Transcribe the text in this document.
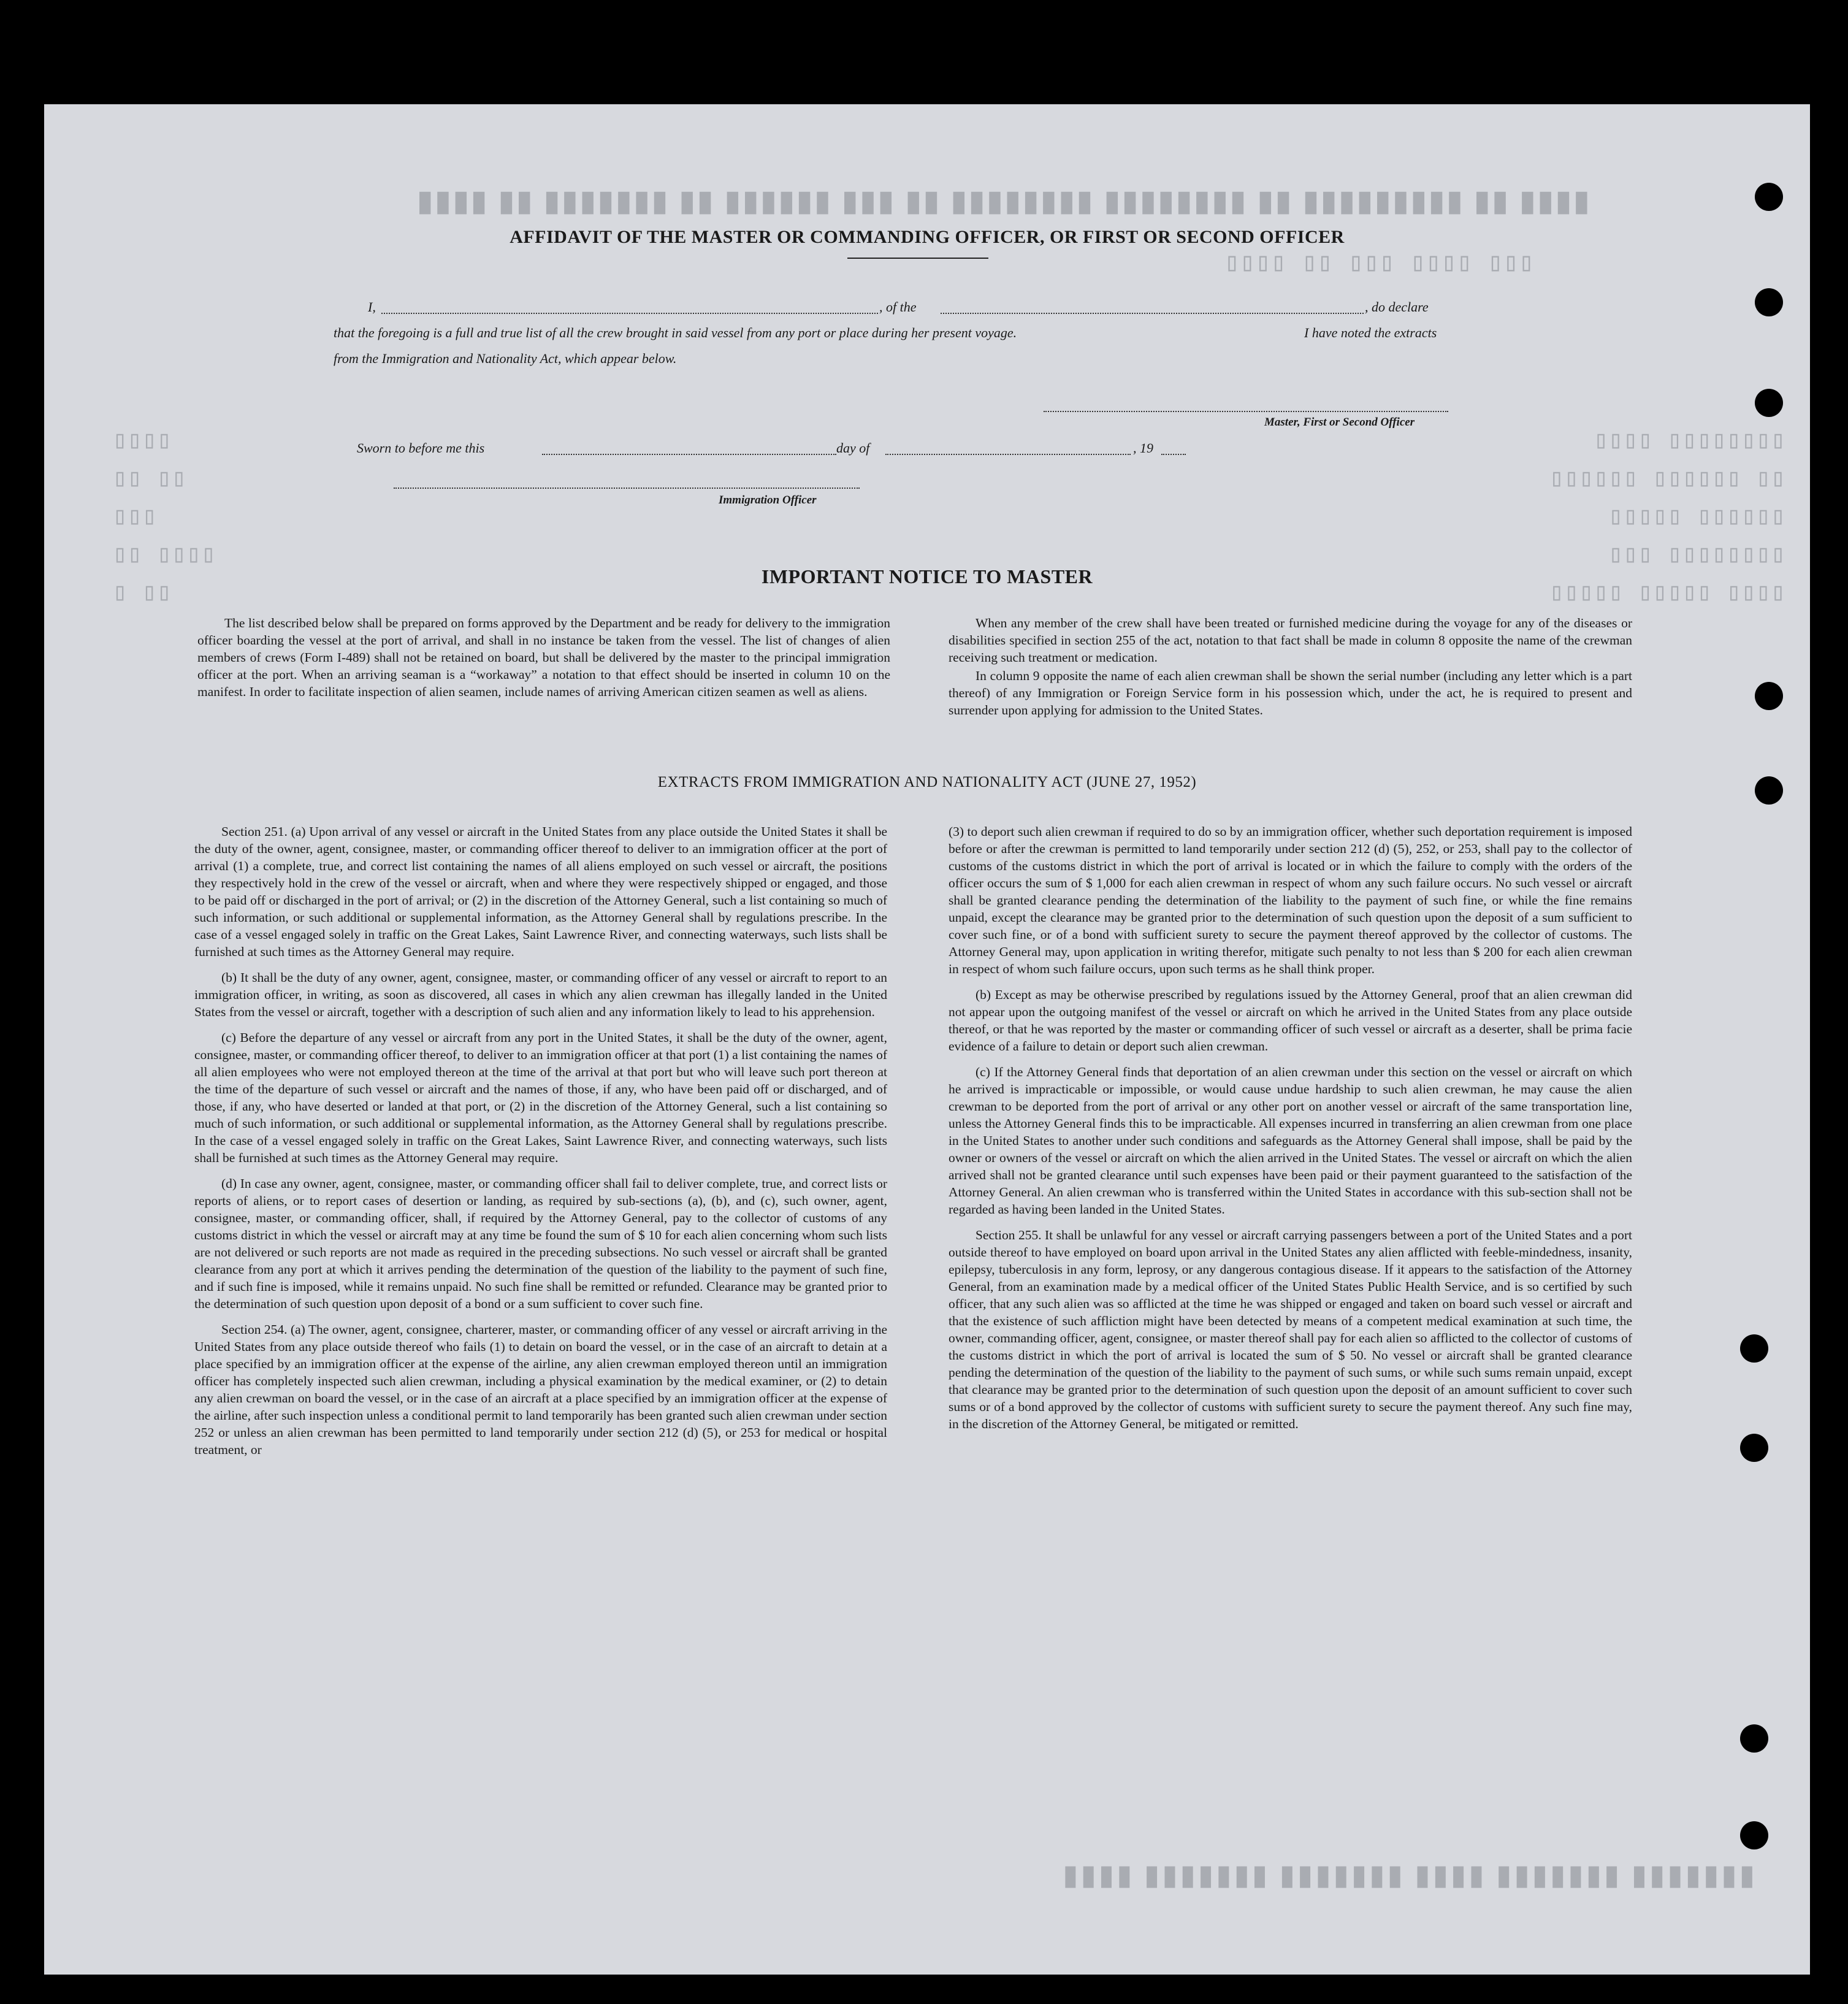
▮▮▮▮ ▮▮ ▮▮▮▮▮▮▮▮▮ ▮▮ ▮▮▮▮▮▮▮▮ ▮▮▮▮▮▮▮▮ ▮▮ ▮▮▮ ▮▮▮▮▮▮ ▮▮ ▮▮▮▮▮▮▮ ▮▮ ▮▮▮▮
▯▯▯ ▯▯▯▯ ▯▯▯ ▯▯ ▯▯▯▯
▯▯▯▯▯▯▯▯ ▯▯▯▯
▯▯ ▯▯▯▯▯▯ ▯▯▯▯▯▯
▯▯▯▯▯▯ ▯▯▯▯▯
▯▯▯▯▯▯▯▯ ▯▯▯
▯▯▯▯ ▯▯▯▯▯ ▯▯▯▯▯
▯▯▯▯
▯▯ ▯▯
▯▯▯
▯▯▯▯ ▯▯
▯▯ ▯
▮▮▮▮▮▮▮ ▮▮▮▮▮▮▮ ▮▮▮▮ ▮▮▮▮▮▮▮ ▮▮▮▮▮▮▮ ▮▮▮▮
AFFIDAVIT OF THE MASTER OR COMMANDING OFFICER, OR FIRST OR SECOND OFFICER
I,	, of the	, do declare
that the foregoing is a full and true list of all the crew brought in said vessel from any port or place during her present voyage.	I have noted the extracts
from the Immigration and Nationality Act, which appear below.
Master, First or Second Officer
Sworn to before me this	day of	, 19
Immigration Officer
IMPORTANT NOTICE TO MASTER

The list described below shall be prepared on forms approved by the Department and be ready for delivery to the immigration officer boarding the vessel at the port of arrival, and shall in no instance be taken from the vessel. The list of changes of alien members of crews (Form I-489) shall not be retained on board, but shall be delivered by the master to the principal immigration officer at the port. When an arriving seaman is a “workaway” a notation to that effect should be inserted in column 10 on the manifest. In order to facilitate inspection of alien seamen, include names of arriving American citizen seamen as well as aliens.

When any member of the crew shall have been treated or furnished medicine during the voyage for any of the diseases or disabilities specified in section 255 of the act, notation to that fact shall be made in column 8 opposite the name of the crewman receiving such treatment or medication.

In column 9 opposite the name of each alien crewman shall be shown the serial number (including any letter which is a part thereof) of any Immigration or Foreign Service form in his possession which, under the act, he is required to present and surrender upon applying for admission to the United States.

EXTRACTS FROM IMMIGRATION AND NATIONALITY ACT (JUNE 27, 1952)

Section 251. (a) Upon arrival of any vessel or aircraft in the United States from any place outside the United States it shall be the duty of the owner, agent, consignee, master, or commanding officer thereof to deliver to an immigration officer at the port of arrival (1) a complete, true, and correct list containing the names of all aliens employed on such vessel or aircraft, the positions they respectively hold in the crew of the vessel or aircraft, when and where they were respectively shipped or engaged, and those to be paid off or discharged in the port of arrival; or (2) in the discretion of the Attorney General, such a list containing so much of such information, or such additional or supplemental information, as the Attorney General shall by regulations prescribe. In the case of a vessel engaged solely in traffic on the Great Lakes, Saint Lawrence River, and connecting waterways, such lists shall be furnished at such times as the Attorney General may require.

(b) It shall be the duty of any owner, agent, consignee, master, or commanding officer of any vessel or aircraft to report to an immigration officer, in writing, as soon as discovered, all cases in which any alien crewman has illegally landed in the United States from the vessel or aircraft, together with a description of such alien and any information likely to lead to his apprehension.

(c) Before the departure of any vessel or aircraft from any port in the United States, it shall be the duty of the owner, agent, consignee, master, or commanding officer thereof, to deliver to an immigration officer at that port (1) a list containing the names of all alien employees who were not employed thereon at the time of the arrival at that port but who will leave such port thereon at the time of the departure of such vessel or aircraft and the names of those, if any, who have been paid off or discharged, and of those, if any, who have deserted or landed at that port, or (2) in the discretion of the Attorney General, such a list containing so much of such information, or such additional or supplemental information, as the Attorney General shall by regulations prescribe. In the case of a vessel engaged solely in traffic on the Great Lakes, Saint Lawrence River, and connecting waterways, such lists shall be furnished at such times as the Attorney General may require.

(d) In case any owner, agent, consignee, master, or commanding officer shall fail to deliver complete, true, and correct lists or reports of aliens, or to report cases of desertion or landing, as required by sub-sections (a), (b), and (c), such owner, agent, consignee, master, or commanding officer, shall, if required by the Attorney General, pay to the collector of customs of any customs district in which the vessel or aircraft may at any time be found the sum of $ 10 for each alien concerning whom such lists are not delivered or such reports are not made as required in the preceding subsections. No such vessel or aircraft shall be granted clearance from any port at which it arrives pending the determination of the question of the liability to the payment of such fine, and if such fine is imposed, while it remains unpaid. No such fine shall be remitted or refunded. Clearance may be granted prior to the determination of such question upon deposit of a bond or a sum sufficient to cover such fine.

Section 254. (a) The owner, agent, consignee, charterer, master, or commanding officer of any vessel or aircraft arriving in the United States from any place outside thereof who fails (1) to detain on board the vessel, or in the case of an aircraft to detain at a place specified by an immigration officer at the expense of the airline, any alien crewman employed thereon until an immigration officer has completely inspected such alien crewman, including a physical examination by the medical examiner, or (2) to detain any alien crewman on board the vessel, or in the case of an aircraft at a place specified by an immigration officer at the expense of the airline, after such inspection unless a conditional permit to land temporarily has been granted such alien crewman under section 252 or unless an alien crewman has been permitted to land temporarily under section 212 (d) (5), or 253 for medical or hospital treatment, or

(3) to deport such alien crewman if required to do so by an immigration officer, whether such deportation requirement is imposed before or after the crewman is permitted to land temporarily under section 212 (d) (5), 252, or 253, shall pay to the collector of customs of the customs district in which the port of arrival is located or in which the failure to comply with the orders of the officer occurs the sum of $ 1,000 for each alien crewman in respect of whom any such failure occurs. No such vessel or aircraft shall be granted clearance pending the determination of the liability to the payment of such fine, or while the fine remains unpaid, except the clearance may be granted prior to the determination of such question upon the deposit of a sum sufficient to cover such fine, or of a bond with sufficient surety to secure the payment thereof approved by the collector of customs. The Attorney General may, upon application in writing therefor, mitigate such penalty to not less than $ 200 for each alien crewman in respect of whom such failure occurs, upon such terms as he shall think proper.

(b) Except as may be otherwise prescribed by regulations issued by the Attorney General, proof that an alien crewman did not appear upon the outgoing manifest of the vessel or aircraft on which he arrived in the United States from any place outside thereof, or that he was reported by the master or commanding officer of such vessel or aircraft as a deserter, shall be prima facie evidence of a failure to detain or deport such alien crewman.

(c) If the Attorney General finds that deportation of an alien crewman under this section on the vessel or aircraft on which he arrived is impracticable or impossible, or would cause undue hardship to such alien crewman, he may cause the alien crewman to be deported from the port of arrival or any other port on another vessel or aircraft of the same transportation line, unless the Attorney General finds this to be impracticable. All expenses incurred in transferring an alien crewman from one place in the United States to another under such conditions and safeguards as the Attorney General shall impose, shall be paid by the owner or owners of the vessel or aircraft on which the alien arrived in the United States. The vessel or aircraft on which the alien arrived shall not be granted clearance until such expenses have been paid or their payment guaranteed to the satisfaction of the Attorney General. An alien crewman who is transferred within the United States in accordance with this sub-section shall not be regarded as having been landed in the United States.

Section 255. It shall be unlawful for any vessel or aircraft carrying passengers between a port of the United States and a port outside thereof to have employed on board upon arrival in the United States any alien afflicted with feeble-mindedness, insanity, epilepsy, tuberculosis in any form, leprosy, or any dangerous contagious disease. If it appears to the satisfaction of the Attorney General, from an examination made by a medical officer of the United States Public Health Service, and is so certified by such officer, that any such alien was so afflicted at the time he was shipped or engaged and taken on board such vessel or aircraft and that the existence of such affliction might have been detected by means of a competent medical examination at such time, the owner, commanding officer, agent, consignee, or master thereof shall pay for each alien so afflicted to the collector of customs of the customs district in which the port of arrival is located the sum of $ 50. No vessel or aircraft shall be granted clearance pending the determination of the question of the liability to the payment of such sums, or while such sums remain unpaid, except that clearance may be granted prior to the determination of such question upon the deposit of an amount sufficient to cover such sums or of a bond approved by the collector of customs with sufficient surety to secure the payment thereof. Any such fine may, in the discretion of the Attorney General, be mitigated or remitted.
